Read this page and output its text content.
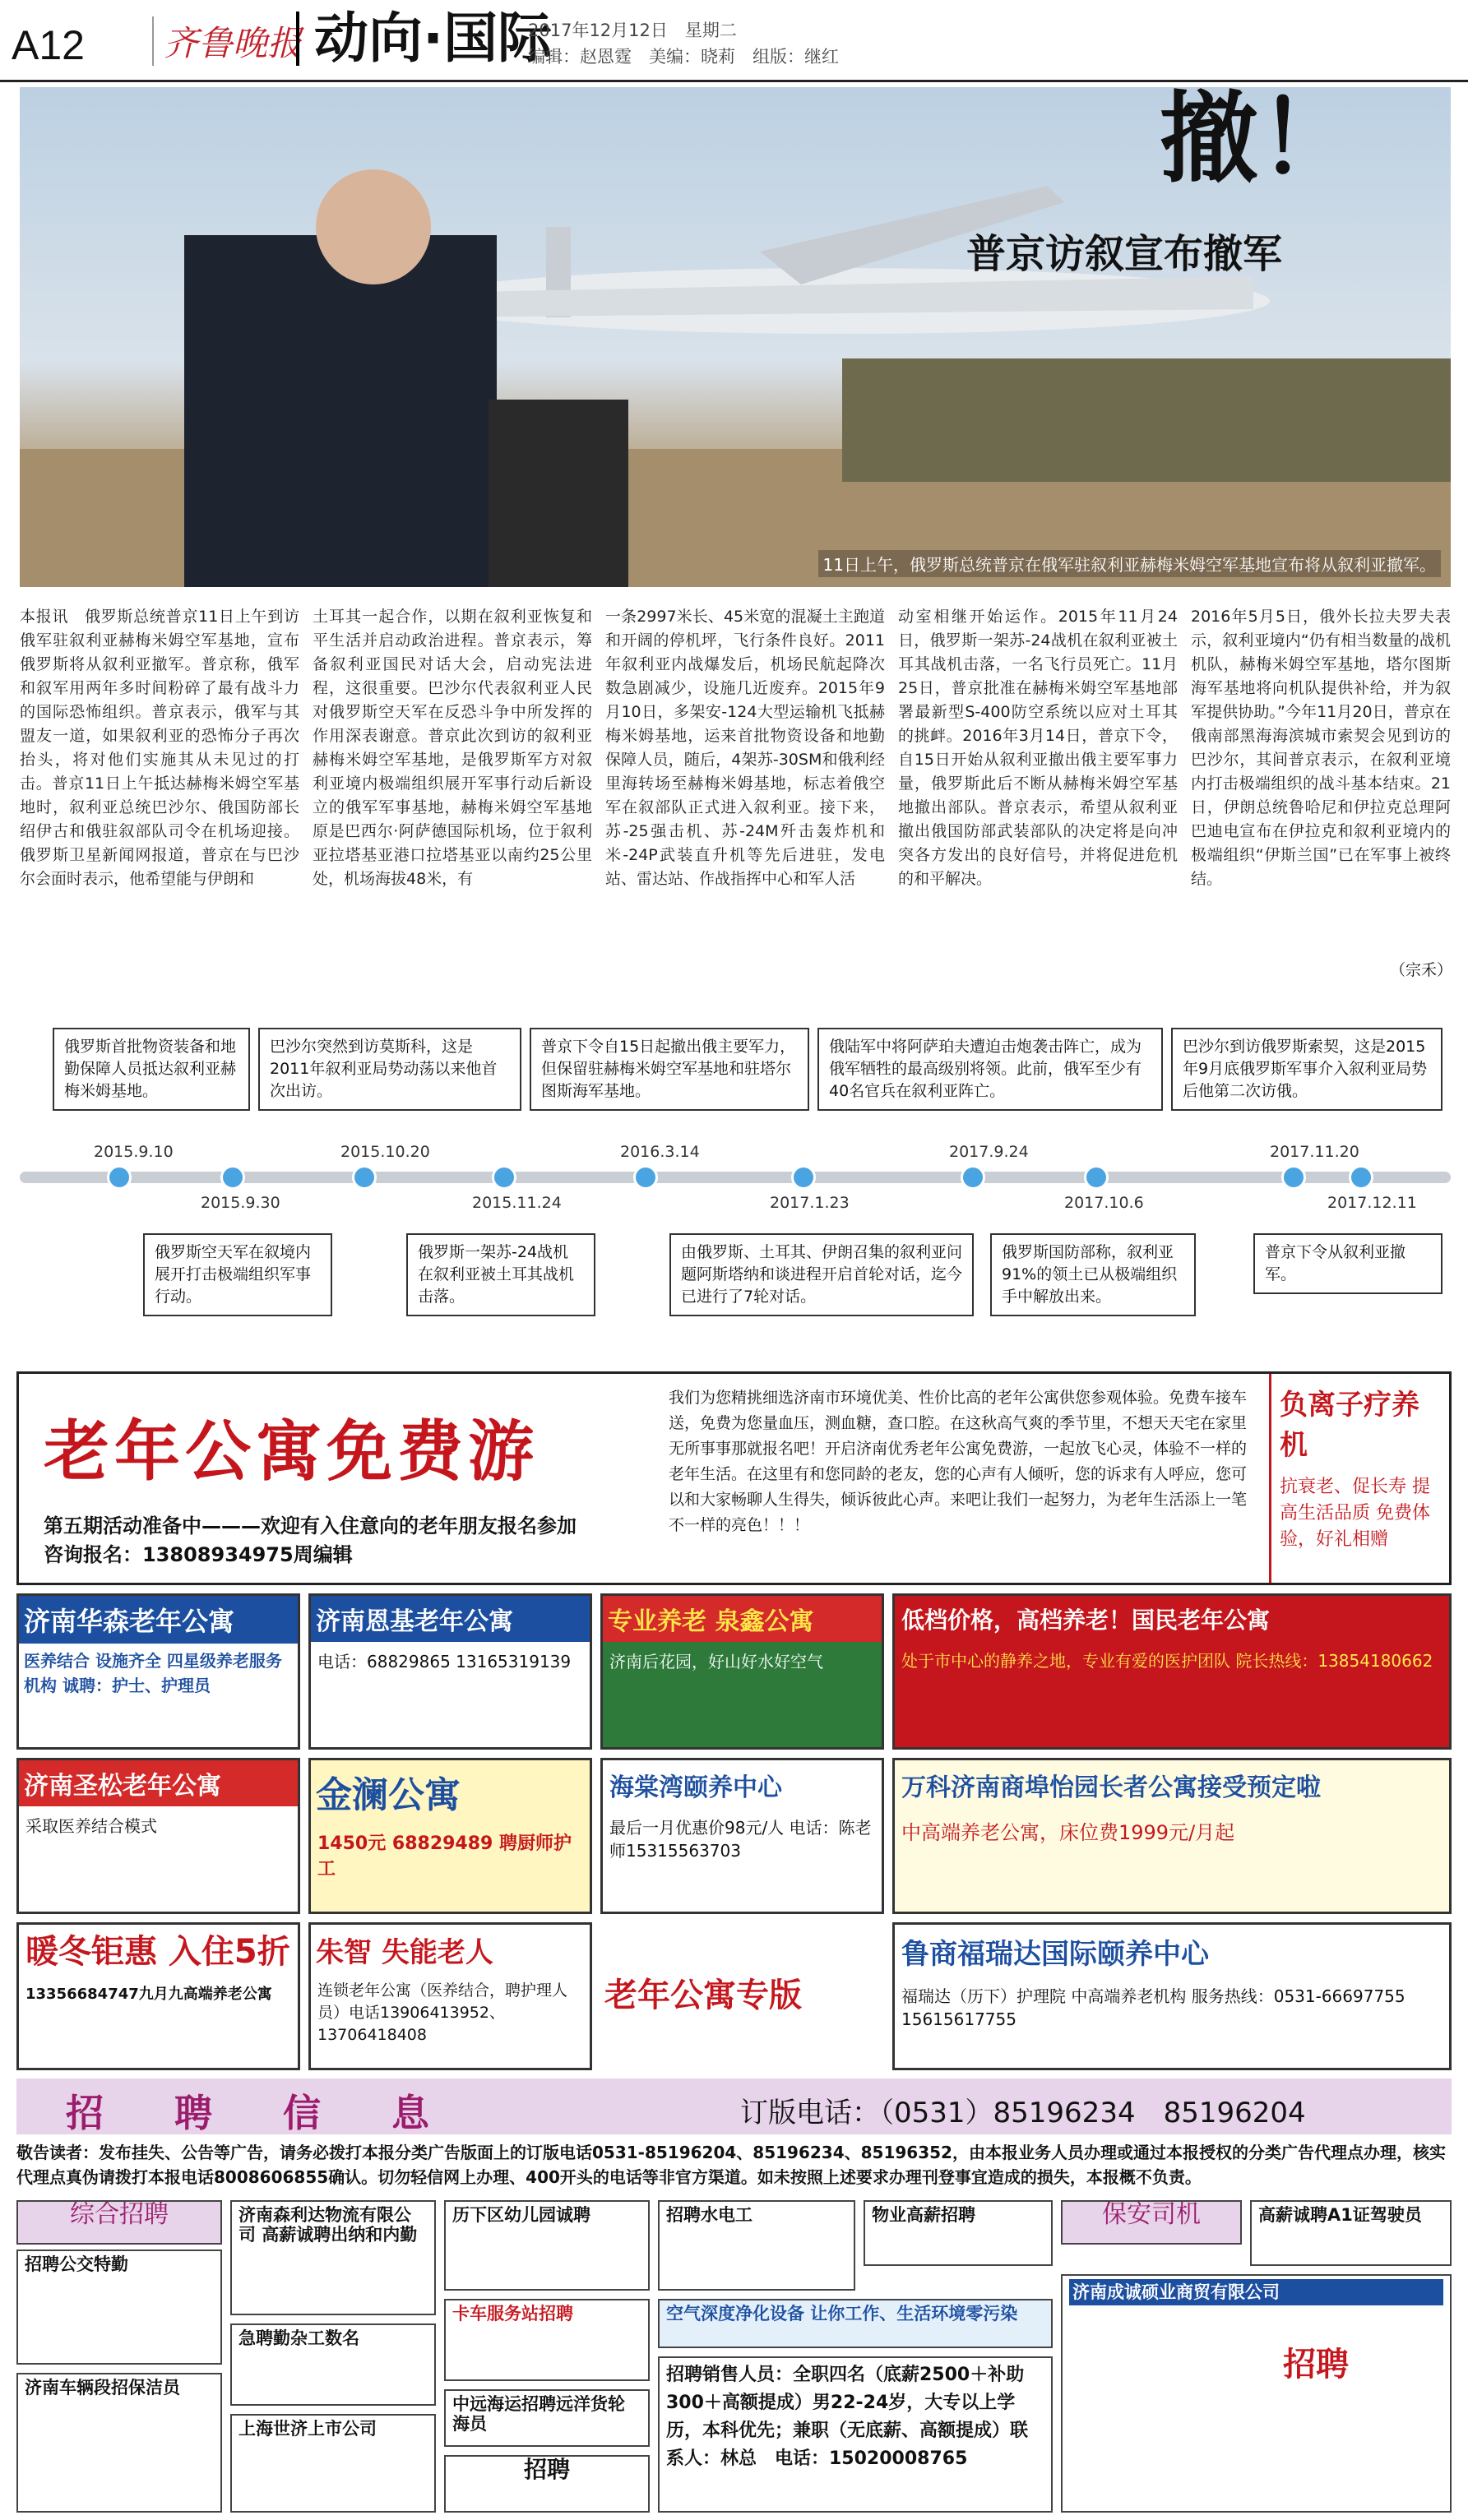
A12	齐鲁晚报 动向·国际
2017年12月12日　星期二
编辑：赵恩霆　美编：晓莉　组版：继红
11日上午，俄罗斯总统普京在俄军驻叙利亚赫梅米姆空军基地宣布将从叙利亚撤军。
撤！
普京访叙宣布撤军
本报讯　俄罗斯总统普京11日上午到访俄军驻叙利亚赫梅米姆空军基地，宣布俄罗斯将从叙利亚撤军。普京称，俄军和叙军用两年多时间粉碎了最有战斗力的国际恐怖组织。普京表示，俄军与其盟友一道，如果叙利亚的恐怖分子再次抬头，将对他们实施其从未见过的打击。普京11日上午抵达赫梅米姆空军基地时，叙利亚总统巴沙尔、俄国防部长绍伊古和俄驻叙部队司令在机场迎接。俄罗斯卫星新闻网报道，普京在与巴沙尔会面时表示，他希望能与伊朗和
土耳其一起合作，以期在叙利亚恢复和平生活并启动政治进程。普京表示，筹备叙利亚国民对话大会，启动宪法进程，这很重要。巴沙尔代表叙利亚人民对俄罗斯空天军在反恐斗争中所发挥的作用深表谢意。普京此次到访的叙利亚赫梅米姆空军基地，是俄罗斯军方对叙利亚境内极端组织展开军事行动后新设立的俄军军事基地，赫梅米姆空军基地原是巴西尔·阿萨德国际机场，位于叙利亚拉塔基亚港口拉塔基亚以南约25公里处，机场海拔48米，有
一条2997米长、45米宽的混凝土主跑道和开阔的停机坪，飞行条件良好。2011年叙利亚内战爆发后，机场民航起降次数急剧减少，设施几近废弃。2015年9月10日，多架安-124大型运输机飞抵赫梅米姆基地，运来首批物资设备和地勤保障人员，随后，4架苏-30SM和俄利经里海转场至赫梅米姆基地，标志着俄空军在叙部队正式进入叙利亚。接下来，苏-25强击机、苏-24M歼击轰炸机和米-24P武装直升机等先后进驻，发电站、雷达站、作战指挥中心和军人活
动室相继开始运作。2015年11月24日，俄罗斯一架苏-24战机在叙利亚被土耳其战机击落，一名飞行员死亡。11月25日，普京批准在赫梅米姆空军基地部署最新型S-400防空系统以应对土耳其的挑衅。2016年3月14日，普京下令，自15日开始从叙利亚撤出俄主要军事力量，俄罗斯此后不断从赫梅米姆空军基地撤出部队。普京表示，希望从叙利亚撤出俄国防部武装部队的决定将是向冲突各方发出的良好信号，并将促进危机的和平解决。
2016年5月5日，俄外长拉夫罗夫表示，叙利亚境内“仍有相当数量的战机机队，赫梅米姆空军基地，塔尔图斯海军基地将向机队提供补给，并为叙军提供协助。”今年11月20日，普京在俄南部黑海海滨城市索契会见到访的巴沙尔，其间普京表示，在叙利亚境内打击极端组织的战斗基本结束。21日，伊朗总统鲁哈尼和伊拉克总理阿巴迪电宣布在伊拉克和叙利亚境内的极端组织“伊斯兰国”已在军事上被终结。
（宗禾）
俄罗斯首批物资装备和地勤保障人员抵达叙利亚赫梅米姆基地。
2015.9.10
2015.9.30
俄罗斯空天军在叙境内展开打击极端组织军事行动。
巴沙尔突然到访莫斯科，这是2011年叙利亚局势动荡以来他首次出访。
2015.10.20
2015.11.24
俄罗斯一架苏-24战机在叙利亚被土耳其战机击落。
普京下令自15日起撤出俄主要军力，但保留驻赫梅米姆空军基地和驻塔尔图斯海军基地。
2016.3.14
2017.1.23
由俄罗斯、土耳其、伊朗召集的叙利亚问题阿斯塔纳和谈进程开启首轮对话，迄今已进行了7轮对话。
俄陆军中将阿萨珀夫遭迫击炮袭击阵亡，成为俄军牺牲的最高级别将领。此前，俄军至少有40名官兵在叙利亚阵亡。
2017.9.24
2017.10.6
俄罗斯国防部称，叙利亚91%的领土已从极端组织手中解放出来。
巴沙尔到访俄罗斯索契，这是2015年9月底俄罗斯军事介入叙利亚局势后他第二次访俄。
2017.11.20
2017.12.11
普京下令从叙利亚撤军。
老年公寓免费游
第五期活动准备中———欢迎有入住意向的老年朋友报名参加
咨询报名：13808934975周编辑
我们为您精挑细选济南市环境优美、性价比高的老年公寓供您参观体验。免费车接车送，免费为您量血压，测血糖，查口腔。在这秋高气爽的季节里，不想天天宅在家里无所事事那就报名吧！开启济南优秀老年公寓免费游，一起放飞心灵，体验不一样的老年生活。在这里有和您同龄的老友，您的心声有人倾听，您的诉求有人呼应，您可以和大家畅聊人生得失，倾诉彼此心声。来吧让我们一起努力，为老年生活添上一笔不一样的亮色！！！
负离子疗养机
抗衰老、促长寿 提高生活品质 免费体验，好礼相赠
济南华森老年公寓
医养结合 设施齐全 四星级养老服务机构 诚聘：护士、护理员
济南恩基老年公寓
电话：68829865 13165319139
专业养老 泉鑫公寓
济南后花园，好山好水好空气
低档价格，高档养老！国民老年公寓
处于市中心的静养之地，专业有爱的医护团队 院长热线：13854180662
济南圣松老年公寓
采取医养结合模式
金澜公寓
1450元 68829489 聘厨师护工
海棠湾颐养中心
最后一月优惠价98元/人 电话：陈老师15315563703
万科济南商埠怡园长者公寓接受预定啦
中高端养老公寓，床位费1999元/月起
暖冬钜惠 入住5折
13356684747九月九高端养老公寓
朱智 失能老人
连锁老年公寓（医养结合，聘护理人员）电话13906413952、13706418408
老年公寓专版
鲁商福瑞达国际颐养中心
福瑞达（历下）护理院 中高端养老机构 服务热线：0531-66697755 15615617755
招　聘　信　息	订版电话：（0531）85196234　85196204
敬告读者：发布挂失、公告等广告，请务必拨打本报分类广告版面上的订版电话0531-85196204、85196234、85196352，由本报业务人员办理或通过本报授权的分类广告代理点办理，核实代理点真伪请拨打本报电话8008606855确认。切勿轻信网上办理、400开头的电话等非官方渠道。如未按照上述要求办理刊登事宜造成的损失，本报概不负责。
综合招聘
招聘公交特勤
济南森利达物流有限公司 高薪诚聘出纳和内勤
历下区幼儿园诚聘	招聘水电工	物业高薪招聘	保安司机	高薪诚聘A1证驾驶员
急聘勤杂工数名
卡车服务站招聘	空气深度净化设备 让你工作、生活环境零污染
济南成诚硕业商贸有限公司
招聘
济南车辆段招保洁员
上海世济上市公司
中远海运招聘远洋货轮海员
招聘
招聘销售人员：全职四名（底薪2500＋补助300＋高额提成）男22-24岁，大专以上学历，本科优先；兼职（无底薪、高额提成）联系人：林总　电话：15020008765
